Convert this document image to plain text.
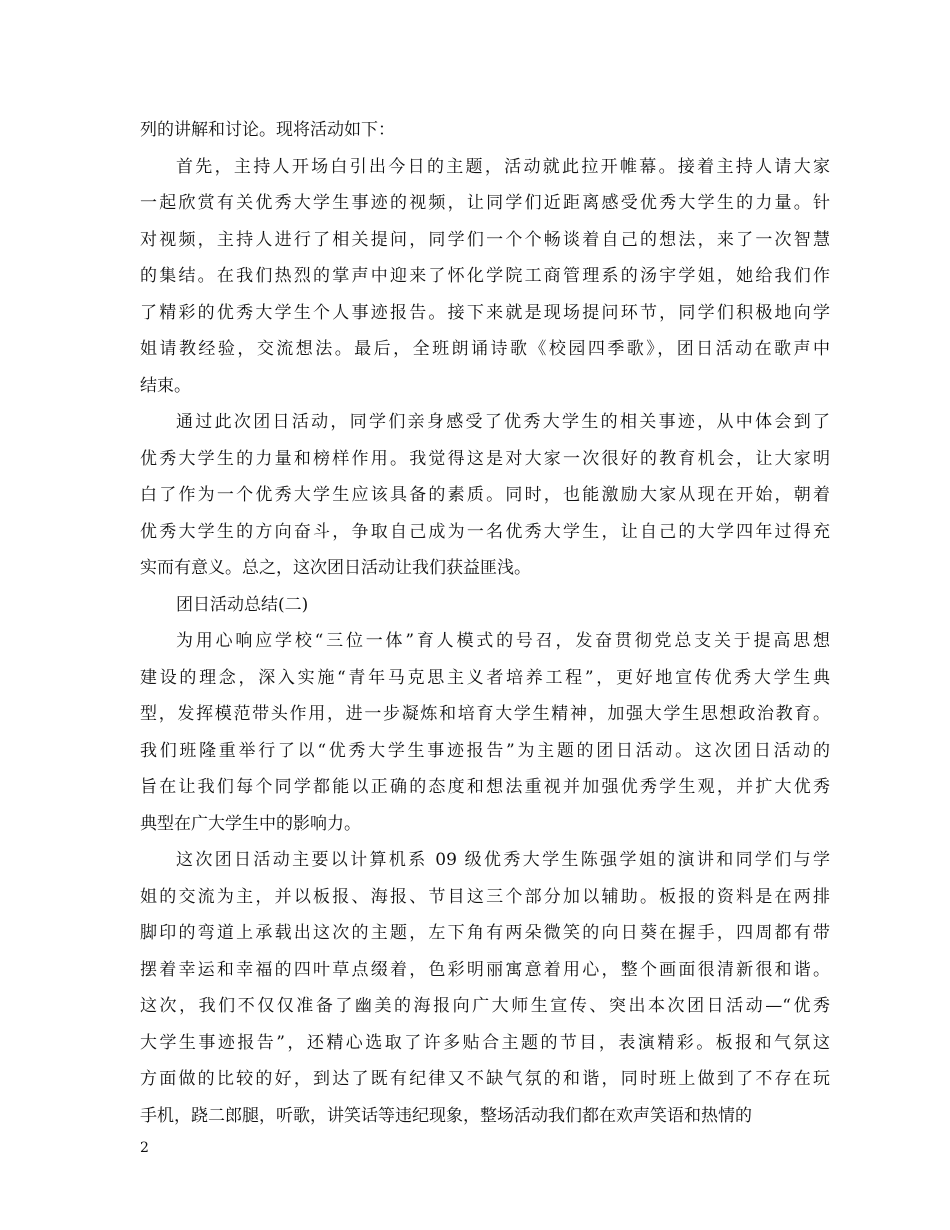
列的讲解和讨论。现将活动如下：
首先，主持人开场白引出今日的主题，活动就此拉开帷幕。接着主持人请大家
一起欣赏有关优秀大学生事迹的视频，让同学们近距离感受优秀大学生的力量。针
对视频，主持人进行了相关提问，同学们一个个畅谈着自己的想法，来了一次智慧
的集结。在我们热烈的掌声中迎来了怀化学院工商管理系的汤宇学姐，她给我们作
了精彩的优秀大学生个人事迹报告。接下来就是现场提问环节，同学们积极地向学
姐请教经验，交流想法。最后，全班朗诵诗歌《校园四季歌》，团日活动在歌声中
结束。
通过此次团日活动，同学们亲身感受了优秀大学生的相关事迹，从中体会到了
优秀大学生的力量和榜样作用。我觉得这是对大家一次很好的教育机会，让大家明
白了作为一个优秀大学生应该具备的素质。同时，也能激励大家从现在开始，朝着
优秀大学生的方向奋斗，争取自己成为一名优秀大学生，让自己的大学四年过得充
实而有意义。总之，这次团日活动让我们获益匪浅。
团日活动总结(二)
为用心响应学校“三位一体”育人模式的号召，发奋贯彻党总支关于提高思想
建设的理念，深入实施“青年马克思主义者培养工程”，更好地宣传优秀大学生典
型，发挥模范带头作用，进一步凝炼和培育大学生精神，加强大学生思想政治教育。
我们班隆重举行了以“优秀大学生事迹报告”为主题的团日活动。这次团日活动的
旨在让我们每个同学都能以正确的态度和想法重视并加强优秀学生观，并扩大优秀
典型在广大学生中的影响力。
这次团日活动主要以计算机系 09 级优秀大学生陈强学姐的演讲和同学们与学
姐的交流为主，并以板报、海报、节目这三个部分加以辅助。板报的资料是在两排
脚印的弯道上承载出这次的主题，左下角有两朵微笑的向日葵在握手，四周都有带
摆着幸运和幸福的四叶草点缀着，色彩明丽寓意着用心，整个画面很清新很和谐。
这次，我们不仅仅准备了幽美的海报向广大师生宣传、突出本次团日活动—“优秀
大学生事迹报告”，还精心选取了许多贴合主题的节目，表演精彩。板报和气氛这
方面做的比较的好，到达了既有纪律又不缺气氛的和谐，同时班上做到了不存在玩
手机，跷二郎腿，听歌，讲笑话等违纪现象，整场活动我们都在欢声笑语和热情的
2
